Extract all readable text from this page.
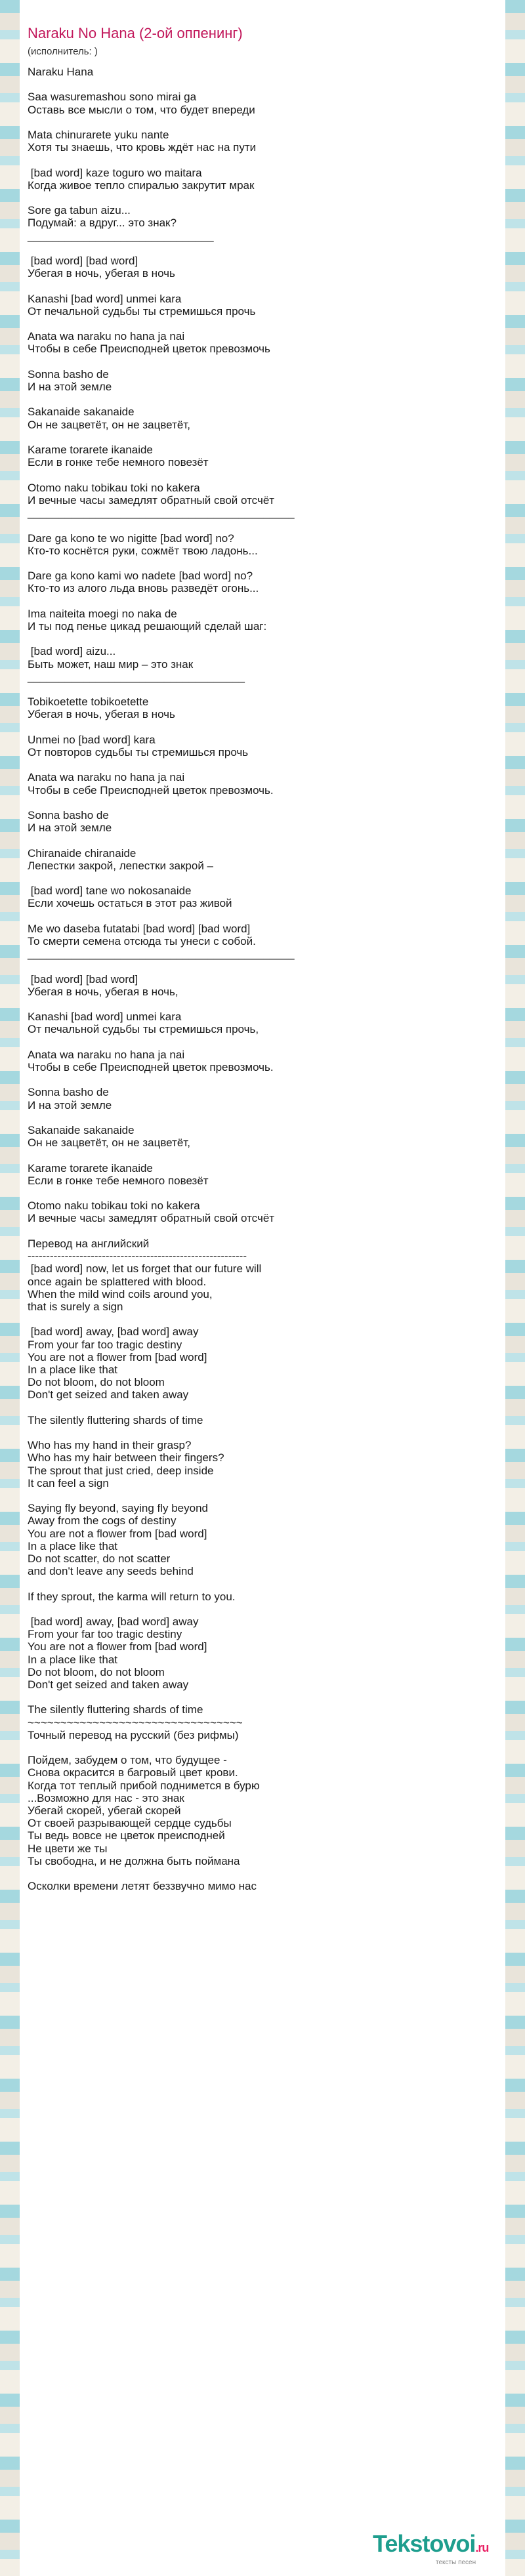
Naraku No Hana (2-ой оппенинг)
(исполнитель: )
Naraku Hana

Saa wasuremashou sono mirai ga
Оставь все мысли о том, что будет впереди

Mata chinurarete yuku nante
Хотя ты знаешь, что кровь ждёт нас на пути

[bad word] kaze toguro wo maitara
Когда живое тепло спиралью закрутит мрак

Sore ga tabun aizu...
Подумай: а вдруг... это знак?
______________________________

[bad word] [bad word]
Убегая в ночь, убегая в ночь

Kanashi [bad word] unmei kara
От печальной судьбы ты стремишься прочь

Anata wa naraku no hana ja nai
Чтобы в себе Преисподней цветок превозмочь

Sonna basho de
И на этой земле

Sakanaide sakanaide
Он не зацветёт, он не зацветёт,

Karame torarete ikanaide
Если в гонке тебе немного повезёт

Otomo naku tobikau toki no kakera
И вечные часы замедлят обратный свой отсчёт
___________________________________________

Dare ga kono te wo nigitte [bad word] no?
Кто-то коснётся руки, сожмёт твою ладонь...

Dare ga kono kami wo nadete [bad word] no?
Кто-то из алого льда вновь разведёт огонь...

Ima naiteita moegi no naka de
И ты под пенье цикад решающий сделай шаг:

[bad word] aizu...
Быть может, наш мир – это знак
___________________________________

Tobikoetette tobikoetette
Убегая в ночь, убегая в ночь

Unmei no [bad word] kara
От повторов судьбы ты стремишься прочь

Anata wa naraku no hana ja nai
Чтобы в себе Преисподней цветок превозмочь.

Sonna basho de
И на этой земле

Chiranaide chiranaide
Лепестки закрой, лепестки закрой –

[bad word] tane wo nokosanaide
Если хочешь остаться в этот раз живой

Me wo daseba futatabi [bad word] [bad word]
То смерти семена отсюда ты унеси с собой.
___________________________________________

[bad word] [bad word]
Убегая в ночь, убегая в ночь,

Kanashi [bad word] unmei kara
От печальной судьбы ты стремишься прочь,

Anata wa naraku no hana ja nai
Чтобы в себе Преисподней цветок превозмочь.

Sonna basho de
И на этой земле

Sakanaide sakanaide
Он не зацветёт, он не зацветёт,

Karame torarete ikanaide
Если в гонке тебе немного повезёт

Otomo naku tobikau toki no kakera
И вечные часы замедлят обратный свой отсчёт

Перевод на английский
-----------------------------------------------------------
[bad word] now, let us forget that our future will
once again be splattered with blood.
When the mild wind coils around you,
that is surely a sign

[bad word] away, [bad word] away
From your far too tragic destiny
You are not a flower from [bad word]
In a place like that
Do not bloom, do not bloom
Don't get seized and taken away

The silently fluttering shards of time

Who has my hand in their grasp?
Who has my hair between their fingers?
The sprout that just cried, deep inside
It can feel a sign

Saying fly beyond, saying fly beyond
Away from the cogs of destiny
You are not a flower from [bad word]
In a place like that
Do not scatter, do not scatter
and don't leave any seeds behind

If they sprout, the karma will return to you.

[bad word] away, [bad word] away
From your far too tragic destiny
You are not a flower from [bad word]
In a place like that
Do not bloom, do not bloom
Don't get seized and taken away

The silently fluttering shards of time
~~~~~~~~~~~~~~~~~~~~~~~~~~~~~~~~~
Точный перевод на русский (без рифмы)

Пойдем, забудем о том, что будущее -
Снова окрасится в багровый цвет крови.
Когда тот теплый прибой поднимется в бурю
...Возможно для нас - это знак
Убегай скорей, убегай скорей
От своей разрывающей сердце судьбы
Ты ведь вовсе не цветок преисподней
Не цвети же ты
Ты свободна, и не должна быть поймана

Осколки времени летят беззвучно мимо нас
Tekstovoi.ru
тексты песен
